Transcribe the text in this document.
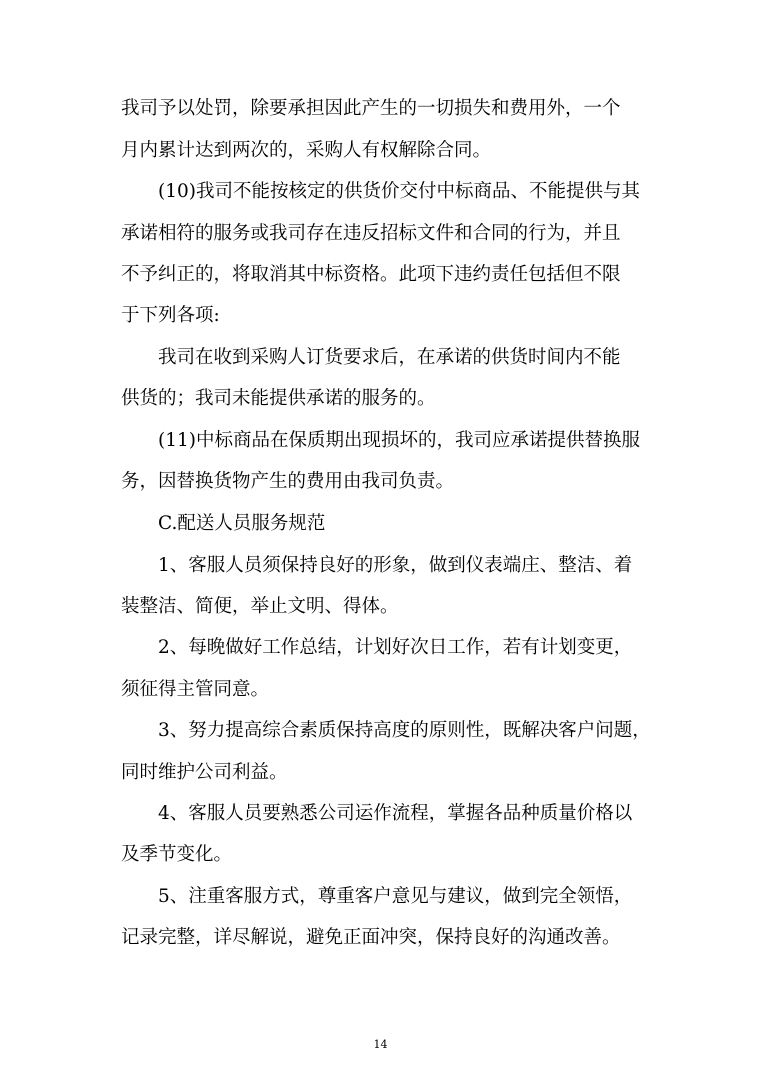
我司予以处罚，除要承担因此产生的一切损失和费用外，一个
月内累计达到两次的，采购人有权解除合同。
(10)我司不能按核定的供货价交付中标商品、不能提供与其
承诺相符的服务或我司存在违反招标文件和合同的行为，并且
不予纠正的，将取消其中标资格。此项下违约责任包括但不限
于下列各项:
我司在收到采购人订货要求后，在承诺的供货时间内不能
供货的；我司未能提供承诺的服务的。
(11)中标商品在保质期出现损坏的，我司应承诺提供替换服
务，因替换货物产生的费用由我司负责。
C.配送人员服务规范
1、客服人员须保持良好的形象，做到仪表端庄、整洁、着
装整洁、简便，举止文明、得体。
2、每晚做好工作总结，计划好次日工作，若有计划变更，
须征得主管同意。
3、努力提高综合素质保持高度的原则性，既解决客户问题，
同时维护公司利益。
4、客服人员要熟悉公司运作流程，掌握各品种质量价格以
及季节变化。
5、注重客服方式，尊重客户意见与建议，做到完全领悟，
记录完整，详尽解说，避免正面冲突，保持良好的沟通改善。
14
